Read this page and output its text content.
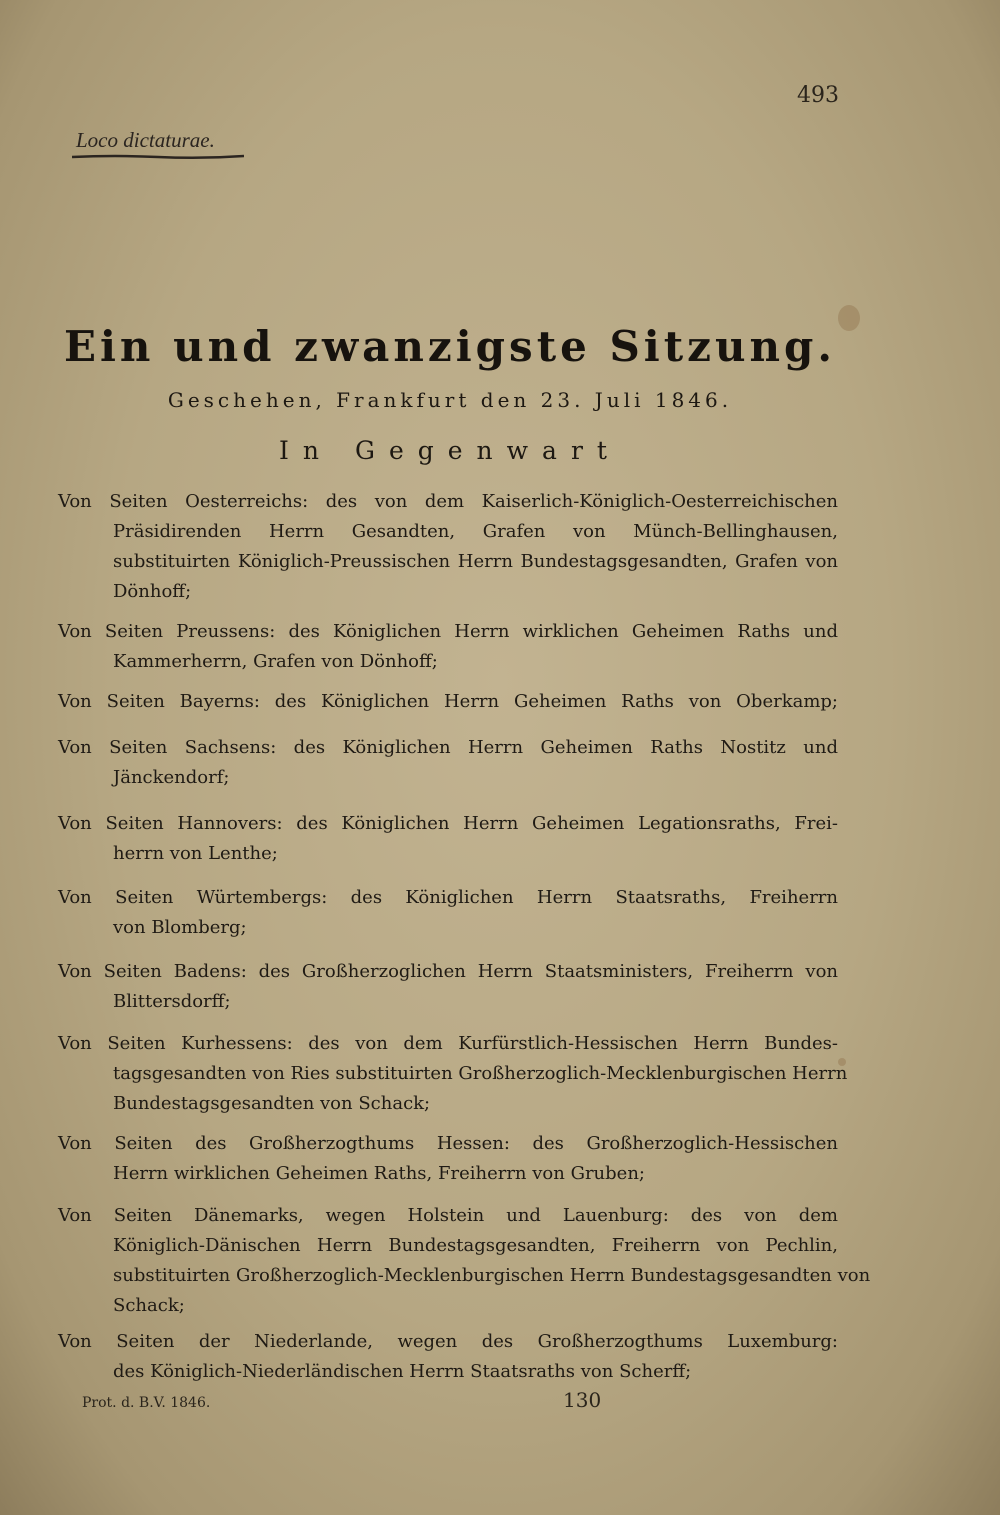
493
Loco dictaturae.
Ein und zwanzigste Sitzung.
Geschehen, Frankfurt den 23. Juli 1846.
In Gegenwart
Von Seiten Oesterreichs: des von dem Kaiserlich-Königlich-Oesterreichischen
Präsidirenden Herrn Gesandten, Grafen von Münch-Bellinghausen,
substituirten Königlich-Preussischen Herrn Bundestagsgesandten, Grafen von
Dönhoff;
Von Seiten Preussens: des Königlichen Herrn wirklichen Geheimen Raths und
Kammerherrn, Grafen von Dönhoff;
Von Seiten Bayerns: des Königlichen Herrn Geheimen Raths von Oberkamp;
Von Seiten Sachsens: des Königlichen Herrn Geheimen Raths Nostitz und
Jänckendorf;
Von Seiten Hannovers: des Königlichen Herrn Geheimen Legationsraths, Frei-
herrn von Lenthe;
Von Seiten Würtembergs: des Königlichen Herrn Staatsraths, Freiherrn
von Blomberg;
Von Seiten Badens: des Großherzoglichen Herrn Staatsministers, Freiherrn von
Blittersdorff;
Von Seiten Kurhessens: des von dem Kurfürstlich-Hessischen Herrn Bundes-
tagsgesandten von Ries substituirten Großherzoglich-Mecklenburgischen Herrn
Bundestagsgesandten von Schack;
Von Seiten des Großherzogthums Hessen: des Großherzoglich-Hessischen
Herrn wirklichen Geheimen Raths, Freiherrn von Gruben;
Von Seiten Dänemarks, wegen Holstein und Lauenburg: des von dem
Königlich-Dänischen Herrn Bundestagsgesandten, Freiherrn von Pechlin,
substituirten Großherzoglich-Mecklenburgischen Herrn Bundestagsgesandten von
Schack;
Von Seiten der Niederlande, wegen des Großherzogthums Luxemburg:
des Königlich-Niederländischen Herrn Staatsraths von Scherff;
Prot. d. B.V. 1846.	130
